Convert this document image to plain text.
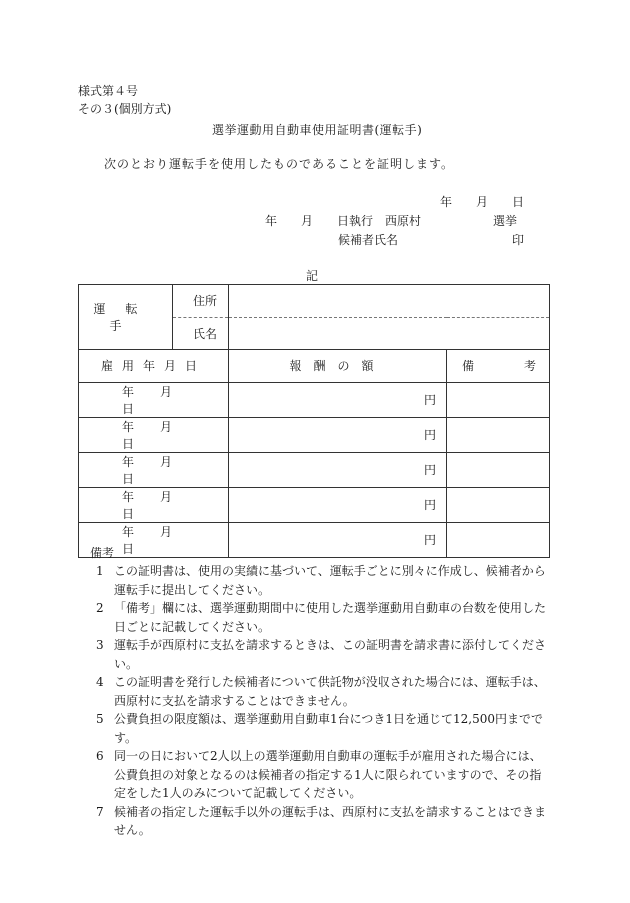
様式第４号
その３(個別方式)
選挙運動用自動車使用証明書(運転手)
次のとおり運転手を使用したものであることを証明します。
年　　月　　日
年　　月　　日執行　西原村　　　　　　選挙
候補者氏名	印
記
運転手	住所		
	氏名		
雇用年月日		報酬の額	備 考

年 月日		円	
年 月日		円	
年 月日		円	
年 月日		円	
年 月日		円	
備考

1 この証明書は、使用の実績に基づいて、運転手ごとに別々に作成し、候補者から運転手に提出してください。

2 「備考」欄には、選挙運動期間中に使用した選挙運動用自動車の台数を使用した日ごとに記載してください。

3 運転手が西原村に支払を請求するときは、この証明書を請求書に添付してください。

4 この証明書を発行した候補者について供託物が没収された場合には、運転手は、西原村に支払を請求することはできません。

5 公費負担の限度額は、選挙運動用自動車1台につき1日を通じて12,500円までです。

6 同一の日において2人以上の選挙運動用自動車の運転手が雇用された場合には、公費負担の対象となるのは候補者の指定する1人に限られていますので、その指定をした1人のみについて記載してください。

7 候補者の指定した運転手以外の運転手は、西原村に支払を請求することはできません。
